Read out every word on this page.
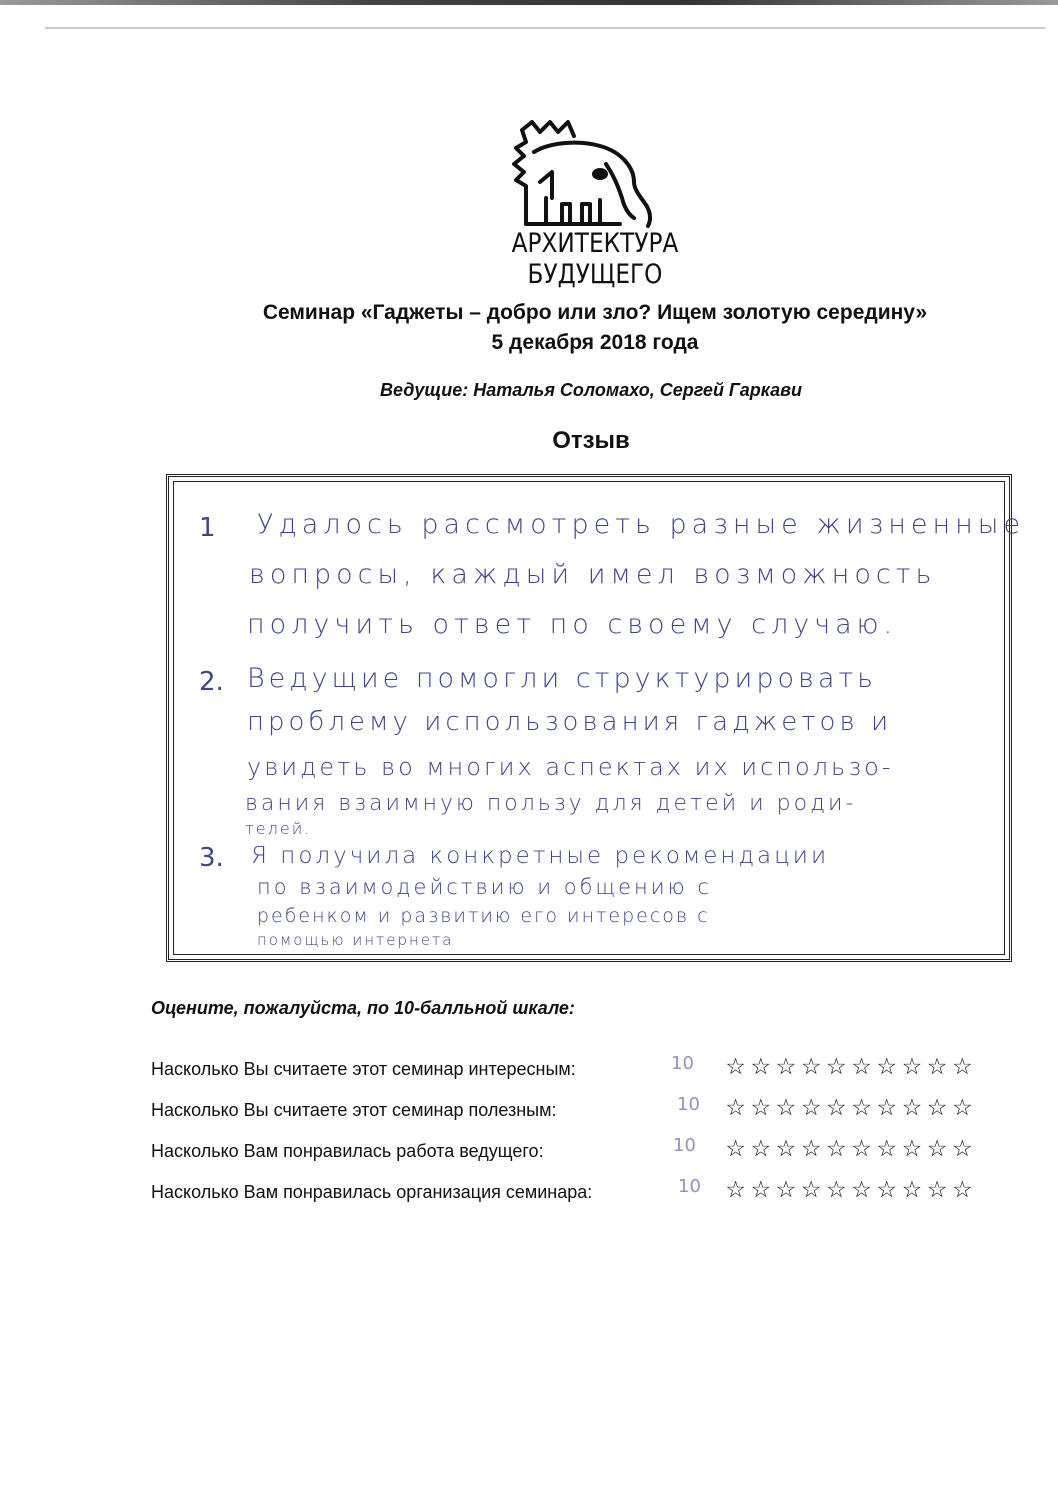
АРХИТЕКТУРА БУДУЩЕГО
Семинар «Гаджеты – добро или зло? Ищем золотую середину»
5 декабря 2018 года
Ведущие: Наталья Соломахо, Сергей Гаркави
Отзыв
1 Удалось рассмотреть разные жизненные
вопросы, каждый имел возможность
получить ответ по своему случаю.
2. Ведущие помогли структурировать
проблему использования гаджетов и
увидеть во многих аспектах их использо-
вания взаимную пользу для детей и роди-
телей.
3. Я получила конкретные рекомендации
по взаимодействию и общению с
ребенком и развитию его интересов с
помощью интернета
Оцените, пожалуйста, по 10-балльной шкале:
Насколько Вы считаете этот семинар интересным:	10 ☆ ☆ ☆ ☆ ☆ ☆ ☆ ☆ ☆ ☆
Насколько Вы считаете этот семинар полезным:	10 ☆ ☆ ☆ ☆ ☆ ☆ ☆ ☆ ☆ ☆
Насколько Вам понравилась работа ведущего:	10 ☆ ☆ ☆ ☆ ☆ ☆ ☆ ☆ ☆ ☆
Насколько Вам понравилась организация семинара:	10 ☆ ☆ ☆ ☆ ☆ ☆ ☆ ☆ ☆ ☆
